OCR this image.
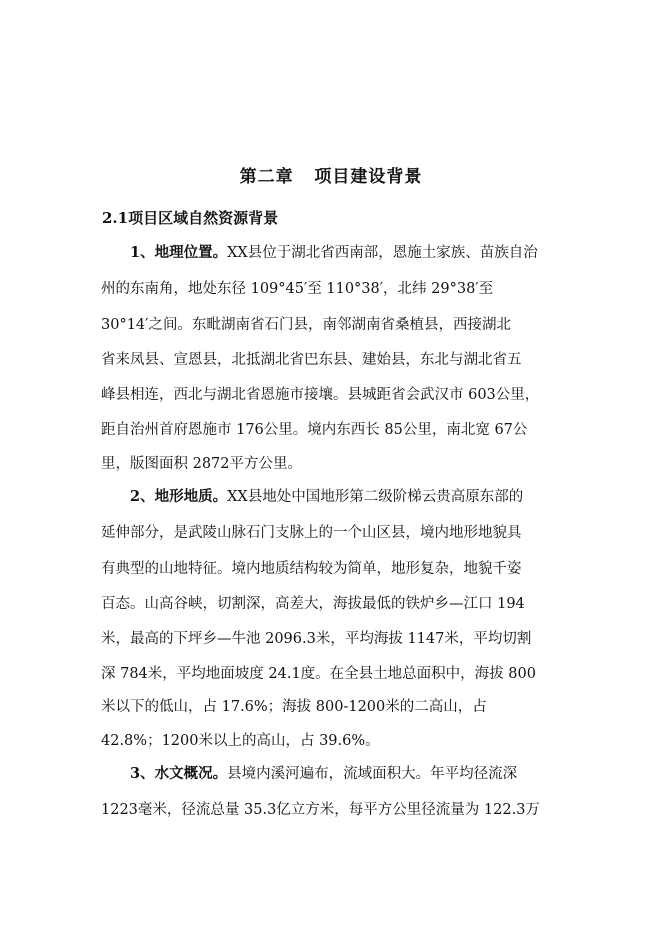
第二章   项目建设背景
2.1项目区域自然资源背景
1、地理位置。XX县位于湖北省西南部，恩施土家族、苗族自治
州的东南角，地处东径 109°45′至 110°38′，北纬 29°38′至
30°14′之间。东毗湖南省石门县，南邻湖南省桑植县，西接湖北
省来凤县、宣恩县，北抵湖北省巴东县、建始县，东北与湖北省五
峰县相连，西北与湖北省恩施市接壤。县城距省会武汉市 603公里，
距自治州首府恩施市 176公里。境内东西长 85公里，南北宽 67公
里，版图面积 2872平方公里。
2、地形地质。XX县地处中国地形第二级阶梯云贵高原东部的
延伸部分，是武陵山脉石门支脉上的一个山区县，境内地形地貌具
有典型的山地特征。境内地质结构较为简单，地形复杂，地貌千姿
百态。山高谷峡，切割深，高差大，海拔最低的铁炉乡—江口 194
米，最高的下坪乡—牛池 2096.3米，平均海拔 1147米，平均切割
深 784米，平均地面坡度 24.1度。在全县土地总面积中，海拔 800
米以下的低山，占 17.6%；海拔 800-1200米的二高山，占
42.8%；1200米以上的高山，占 39.6%。
3、水文概况。县境内溪河遍布，流域面积大。年平均径流深
1223毫米，径流总量 35.3亿立方米，每平方公里径流量为 122.3万
